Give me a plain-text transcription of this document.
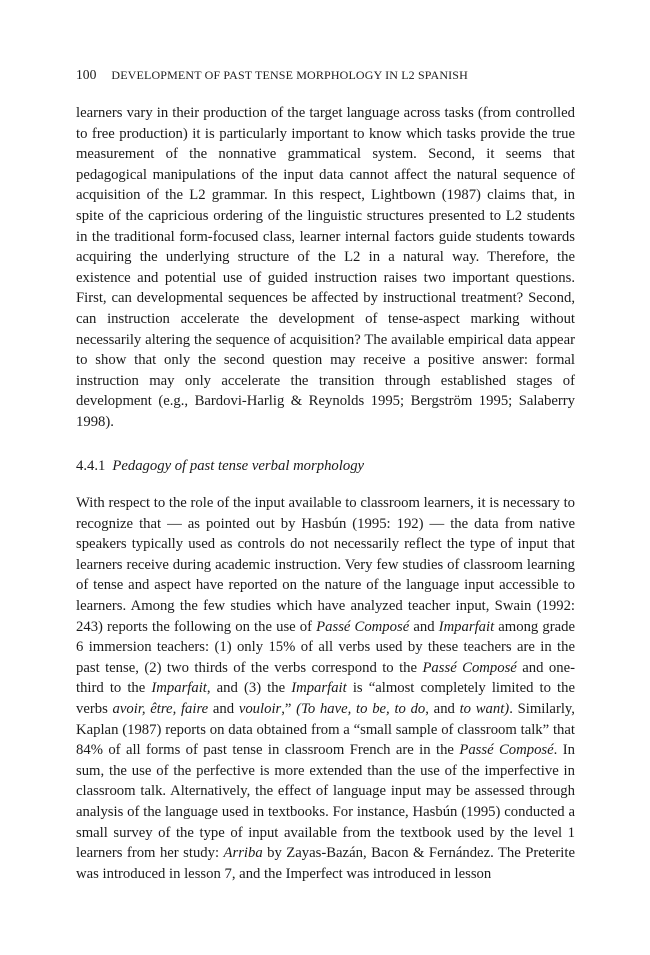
100 DEVELOPMENT OF PAST TENSE MORPHOLOGY IN L2 SPANISH

learners vary in their production of the target language across tasks (from controlled to free production) it is particularly important to know which tasks provide the true measurement of the nonnative grammatical system. Second, it seems that pedagogical manipulations of the input data cannot affect the natural sequence of acquisition of the L2 grammar. In this respect, Lightbown (1987) claims that, in spite of the capricious ordering of the linguistic structures presented to L2 students in the traditional form-focused class, learner internal factors guide students towards acquiring the underlying structure of the L2 in a natural way. Therefore, the existence and potential use of guided instruction raises two important questions. First, can developmental sequences be affected by instructional treatment? Second, can instruction accelerate the development of tense-aspect marking without necessarily altering the sequence of acquisition? The available empirical data appear to show that only the second question may receive a positive answer: formal instruction may only accelerate the transition through established stages of development (e.g., Bardovi-Harlig & Reynolds 1995; Bergström 1995; Salaberry 1998).

4.4.1 Pedagogy of past tense verbal morphology

With respect to the role of the input available to classroom learners, it is necessary to recognize that — as pointed out by Hasbún (1995: 192) — the data from native speakers typically used as controls do not necessarily reflect the type of input that learners receive during academic instruction. Very few studies of classroom learning of tense and aspect have reported on the nature of the language input accessible to learners. Among the few studies which have analyzed teacher input, Swain (1992: 243) reports the following on the use of Passé Composé and Imparfait among grade 6 immersion teachers: (1) only 15% of all verbs used by these teachers are in the past tense, (2) two thirds of the verbs correspond to the Passé Composé and one-third to the Imparfait, and (3) the Imparfait is “almost completely limited to the verbs avoir, être, faire and vouloir,” (To have, to be, to do, and to want). Similarly, Kaplan (1987) reports on data obtained from a “small sample of classroom talk” that 84% of all forms of past tense in classroom French are in the Passé Composé. In sum, the use of the perfective is more extended than the use of the imperfective in classroom talk. Alternatively, the effect of language input may be assessed through analysis of the language used in textbooks. For instance, Hasbún (1995) conducted a small survey of the type of input available from the textbook used by the level 1 learners from her study: Arriba by Zayas-Bazán, Bacon & Fernández. The Preterite was introduced in lesson 7, and the Imperfect was introduced in lesson
